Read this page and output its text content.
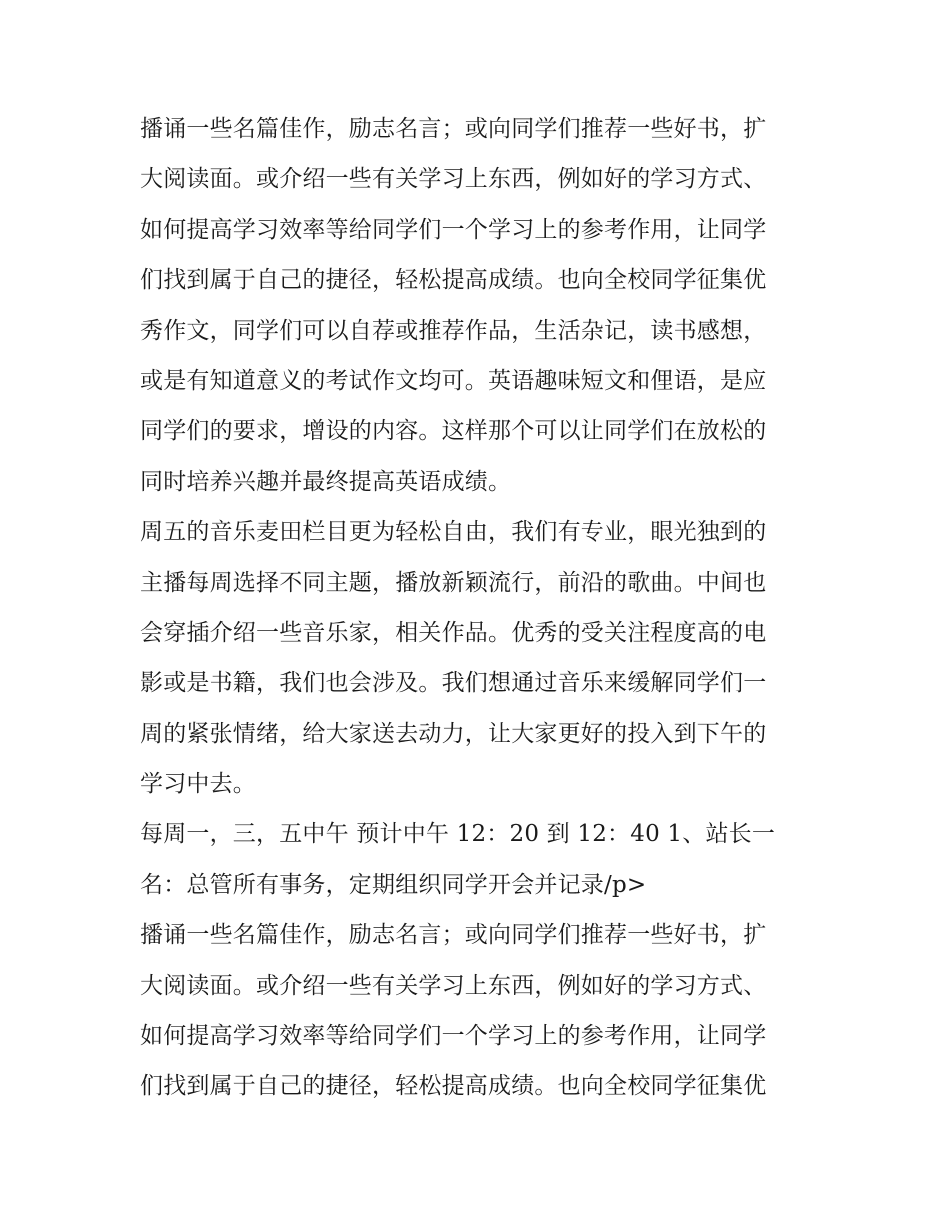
播诵一些名篇佳作，励志名言；或向同学们推荐一些好书，扩
大阅读面。或介绍一些有关学习上东西，例如好的学习方式、
如何提高学习效率等给同学们一个学习上的参考作用，让同学
们找到属于自己的捷径，轻松提高成绩。也向全校同学征集优
秀作文，同学们可以自荐或推荐作品，生活杂记，读书感想，
或是有知道意义的考试作文均可。英语趣味短文和俚语，是应
同学们的要求，增设的内容。这样那个可以让同学们在放松的
同时培养兴趣并最终提高英语成绩。
周五的音乐麦田栏目更为轻松自由，我们有专业，眼光独到的
主播每周选择不同主题，播放新颖流行，前沿的歌曲。中间也
会穿插介绍一些音乐家，相关作品。优秀的受关注程度高的电
影或是书籍，我们也会涉及。我们想通过音乐来缓解同学们一
周的紧张情绪，给大家送去动力，让大家更好的投入到下午的
学习中去。
每周一，三，五中午 预计中午 12：20 到 12：40 1、站长一
名：总管所有事务，定期组织同学开会并记录/p>
播诵一些名篇佳作，励志名言；或向同学们推荐一些好书，扩
大阅读面。或介绍一些有关学习上东西，例如好的学习方式、
如何提高学习效率等给同学们一个学习上的参考作用，让同学
们找到属于自己的捷径，轻松提高成绩。也向全校同学征集优
